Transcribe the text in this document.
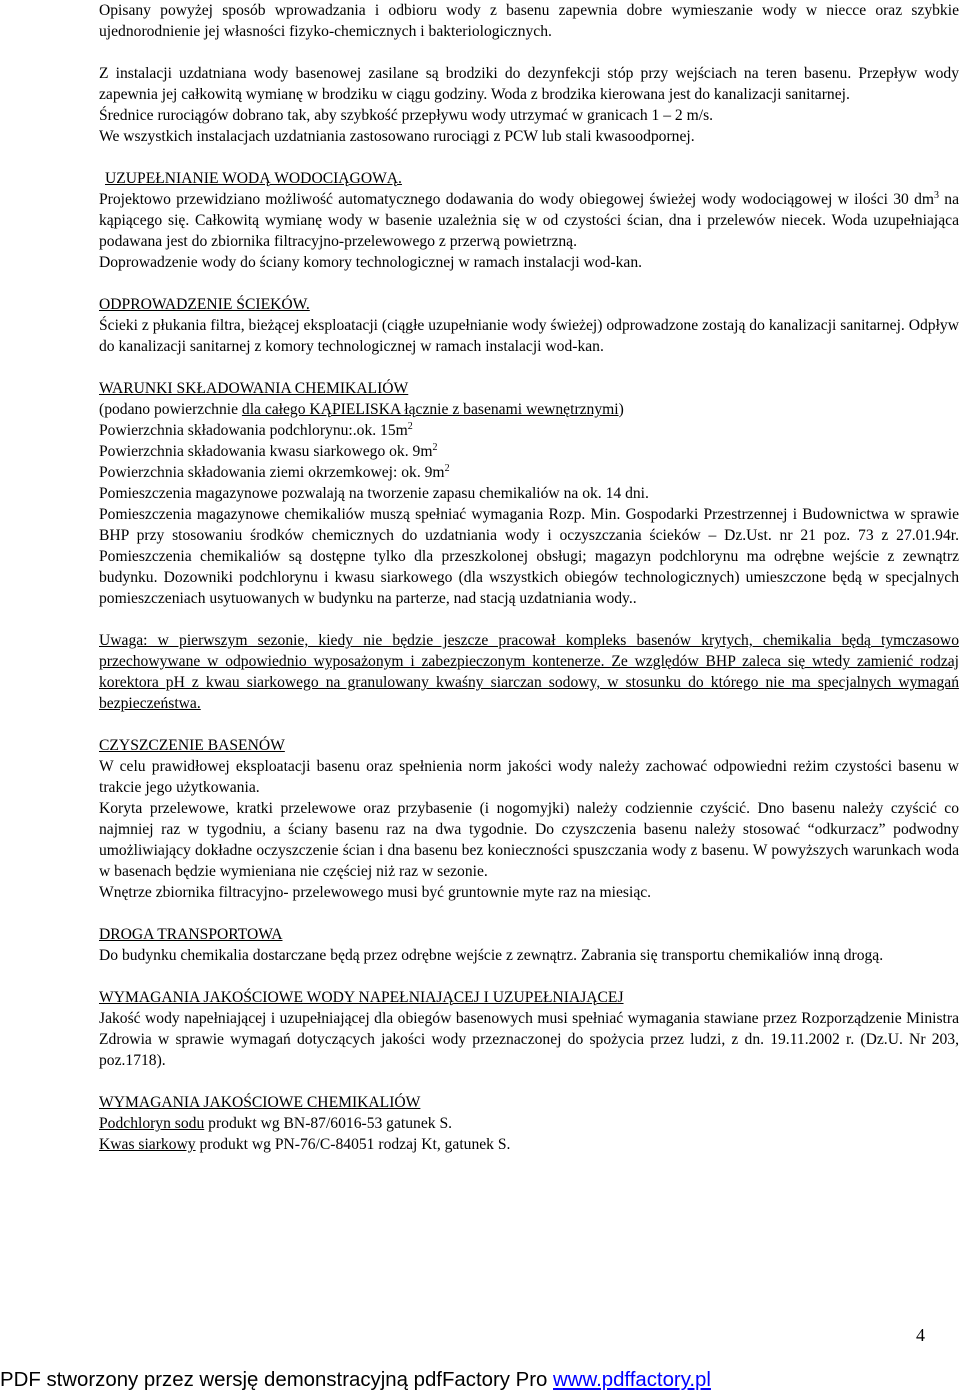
Opisany powyżej sposób wprowadzania i odbioru wody z basenu zapewnia dobre wymieszanie wody w niecce oraz szybkie ujednorodnienie jej własności fizyko-chemicznych i bakteriologicznych.

Z instalacji uzdatniana wody basenowej zasilane są brodziki do dezynfekcji stóp przy wejściach na teren basenu. Przepływ wody zapewnia jej całkowitą wymianę w brodziku w ciągu godziny. Woda z brodzika kierowana jest do kanalizacji sanitarnej.

Średnice rurociągów dobrano tak, aby szybkość przepływu wody utrzymać w granicach 1 – 2 m/s.

We wszystkich instalacjach uzdatniania zastosowano rurociągi z PCW lub stali kwasoodpornej.

UZUPEŁNIANIE WODĄ WODOCIĄGOWĄ.

Projektowo przewidziano możliwość automatycznego dodawania do wody obiegowej świeżej wody wodociągowej w ilości 30 $dm^3$ na kąpiącego się. Całkowitą wymianę wody w basenie uzależnia się w od czystości ścian, dna i przelewów niecek. Woda uzupełniająca podawana jest do zbiornika filtracyjno-przelewowego z przerwą powietrzną.

Doprowadzenie wody do ściany komory technologicznej w ramach instalacji wod-kan.

ODPROWADZENIE ŚCIEKÓW.

Ścieki z płukania filtra, bieżącej eksploatacji (ciągłe uzupełnianie wody świeżej) odprowadzone zostają do kanalizacji sanitarnej. Odpływ do kanalizacji sanitarnej z komory technologicznej w ramach instalacji wod-kan.

WARUNKI SKŁADOWANIA CHEMIKALIÓW

(podano powierzchnie dla całego KĄPIELISKA łącznie z basenami wewnętrznymi)

Powierzchnia składowania podchlorynu:.ok. $15m^2$

Powierzchnia składowania kwasu siarkowego ok. $9m^2$

Powierzchnia składowania ziemi okrzemkowej: ok. $9m^2$

Pomieszczenia magazynowe pozwalają na tworzenie zapasu chemikaliów na ok. 14 dni.

Pomieszczenia magazynowe chemikaliów muszą spełniać wymagania Rozp. Min. Gospodarki Przestrzennej i Budownictwa w sprawie BHP przy stosowaniu środków chemicznych do uzdatniania wody i oczyszczania ścieków – Dz.Ust. nr 21 poz. 73 z 27.01.94r. Pomieszczenia chemikaliów są dostępne tylko dla przeszkolonej obsługi; magazyn podchlorynu ma odrębne wejście z zewnątrz budynku. Dozowniki podchlorynu i kwasu siarkowego (dla wszystkich obiegów technologicznych) umieszczone będą w specjalnych pomieszczeniach usytuowanych w budynku na parterze, nad stacją uzdatniania wody..

Uwaga: w pierwszym sezonie, kiedy nie będzie jeszcze pracował kompleks basenów krytych, chemikalia będą tymczasowo przechowywane w odpowiednio wyposażonym i zabezpieczonym kontenerze. Ze względów BHP zaleca się wtedy zamienić rodzaj korektora pH z kwau siarkowego na granulowany kwaśny siarczan sodowy, w stosunku do którego nie ma specjalnych wymagań bezpieczeństwa.

CZYSZCZENIE BASENÓW

W celu prawidłowej eksploatacji basenu oraz spełnienia norm jakości wody należy zachować odpowiedni reżim czystości basenu w trakcie jego użytkowania.

Koryta przelewowe, kratki przelewowe oraz przybasenie (i nogomyjki) należy codziennie czyścić. Dno basenu należy czyścić co najmniej raz w tygodniu, a ściany basenu raz na dwa tygodnie. Do czyszczenia basenu należy stosować “odkurzacz” podwodny umożliwiający dokładne oczyszczenie ścian i dna basenu bez konieczności spuszczania wody z basenu. W powyższych warunkach woda w basenach będzie wymieniana nie częściej niż raz w sezonie.

Wnętrze zbiornika filtracyjno- przelewowego musi być gruntownie myte raz na miesiąc.

DROGA TRANSPORTOWA

Do budynku chemikalia dostarczane będą przez odrębne wejście z zewnątrz. Zabrania się transportu chemikaliów inną drogą.

WYMAGANIA JAKOŚCIOWE WODY NAPEŁNIAJĄCEJ I UZUPEŁNIAJĄCEJ

Jakość wody napełniającej i uzupełniającej dla obiegów basenowych musi spełniać wymagania stawiane przez Rozporządzenie Ministra Zdrowia w sprawie wymagań dotyczących jakości wody przeznaczonej do spożycia przez ludzi, z dn. 19.11.2002 r. (Dz.U. Nr 203, poz.1718).

WYMAGANIA JAKOŚCIOWE CHEMIKALIÓW

Podchloryn sodu produkt wg BN-87/6016-53 gatunek S.

Kwas siarkowy produkt wg PN-76/C-84051 rodzaj Kt, gatunek S.

4
PDF stworzony przez wersję demonstracyjną pdfFactory Pro www.pdffactory.pl
